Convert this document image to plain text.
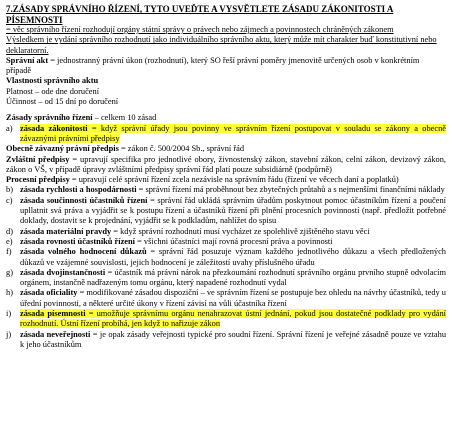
7.ZÁSADY SPRÁVNÍHO ŘÍZENÍ, TYTO UVEĎTE A VYSVĚTLETE ZÁSADU ZÁKONITOSTI A PÍSEMNOSTI

= věc správního řízení rozhodují orgány státní správy o právech nebo zájmech a povinnostech chráněných zákonem

Výsledkem je vydání správního rozhodnutí jako individuálního správního aktu, který může mít charakter buď konstitutivní nebo deklaratorní.

Správní akt = jednostranný právní úkon (rozhodnutí), který SO řeší právní poměry jmenovitě určených osob v konkrétním případě

Vlastnosti správního aktu

Platnost – ode dne doručení

Účinnost – od 15 dní po doručení

Zásady správního řízení – celkem 10 zásad

a) zásada zákonitosti = když správní úřady jsou povinny ve správním řízení postupovat v souladu se zákony a obecně závaznými právními předpisy
Obecně závazný právní předpis = zákon č. 500/2004 Sb., správní řád
Zvláštní předpisy = upravují specifika pro jednotlivé obory, živnostenský zákon, stavební zákon, celní zákon, devizový zákon, zákon o VŠ, v případě úpravy zvláštními předpisy správní řád platí pouze subsidiárně (podpůrně)
Procesní předpisy = upravují celé správní řízení zcela nezávisle na správním řádu (řízení ve věcech daní a poplatků)
b) zásada rychlosti a hospodárnosti = správní řízení má proběhnout bez zbytečných průtahů a s nejmenšími finančními náklady
c) zásada součinnosti účastníků řízení = správní řád ukládá správním úřadům poskytnout pomoc účastníkům řízení a poučení upllatnit svá práva a vyjádřit se k postupu řízení a účastníků řízení při plnění procesních povinností (např. předložit potřebné doklady, dostavit se k projednání, vyjádřit se k podkladům, nahlížet do spisu
d) zásada materiální pravdy = když správní rozhodnutí musí vycházet ze spolehlivě zjištěného stavu věci
e) zásada rovnosti účastníků řízení = všichni účastníci mají rovná procesní práva a povinnosti
f)	zásada volného hodnocení důkazů = správní řád posuzuje význam každého jednotlivého důkazu a všech předložených důkazů ve vzájemné souvislosti, jejich hodnocení je záležitostí uvahy příslušného úřadu
g) zásada dvojinstančnosti = účastník má právní nárok na přezkoumání rozhodnutí správního orgánu prvního stupně odvolacím orgánem, instančně nadřazeným tomu orgánu, který napadené rozhodnutí vydal
h) zásada oficiality = modifikované zásadou dispoziční – ve správním řízení se postupuje bez ohledu na návrhy účastníků, tedy u úřední povinnosti, a některé určité úkony v řízení závisí na vůli účastníka řízení
i)	zásada písemnosti = umožňuje správnímu orgánu nenahrazovat ústní jednání, pokud jsou dostatečné podklady pro vydání rozhodnutí. Ústní řízení probíhá, jen když to nařizuje zákon
j)	zásada neveřejnosti = je opak zásady veřejnosti typické pro soudní řízení. Správní řízení je veřejné zásadně pouze ve vztahu k jeho účastníkům
